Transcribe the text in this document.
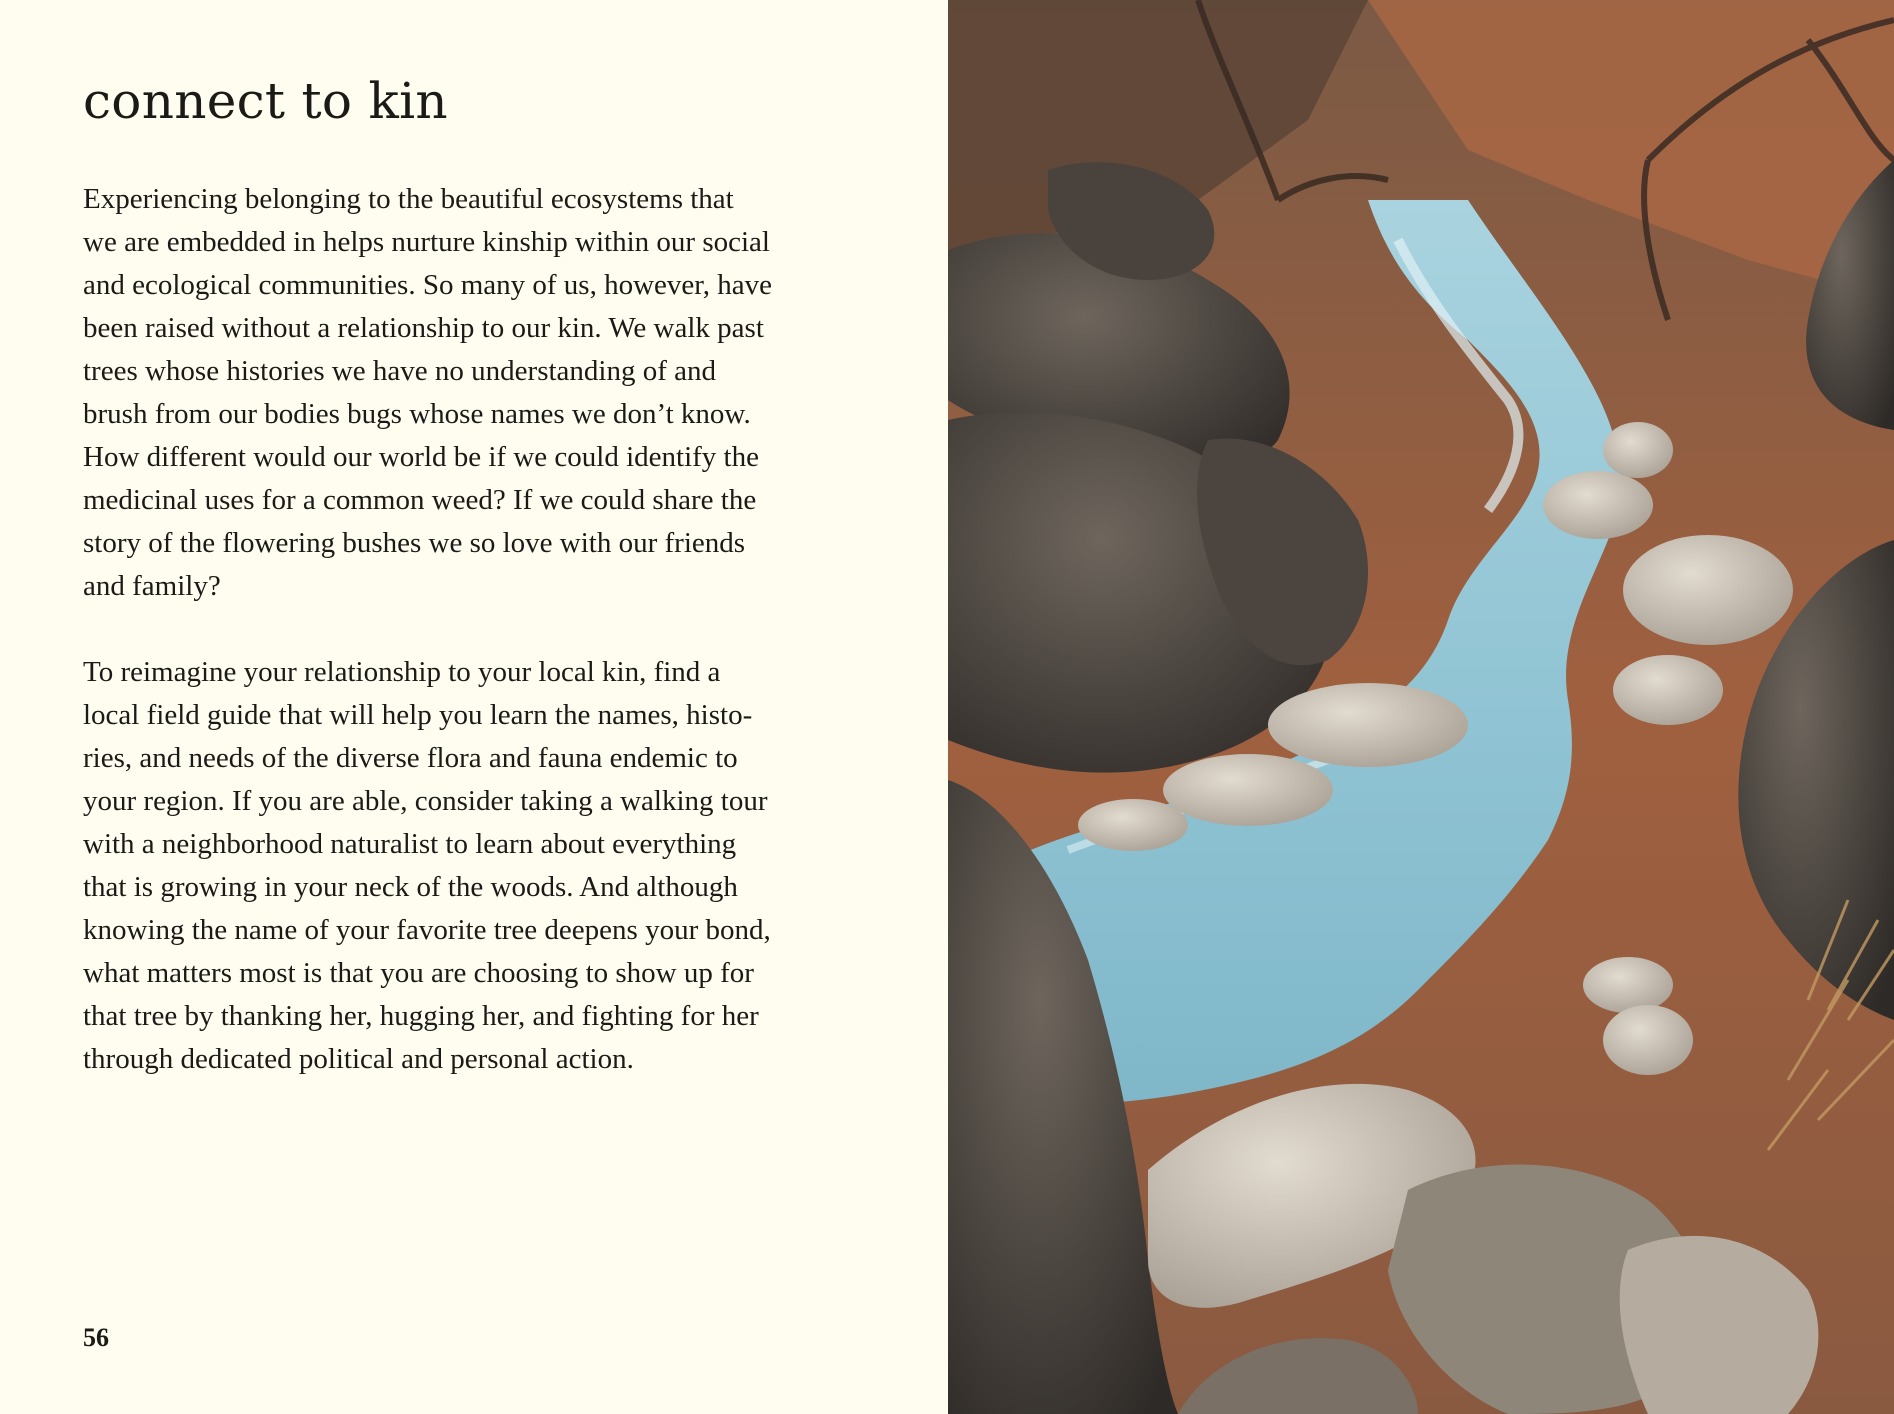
connect to kin

Experiencing belonging to the beautiful ecosystems that
we are embedded in helps nurture kinship within our social
and ecological communities. So many of us, however, have
been raised without a relationship to our kin. We walk past
trees whose histories we have no understanding of and
brush from our bodies bugs whose names we don’t know.
How different would our world be if we could identify the
medicinal uses for a common weed? If we could share the
story of the flowering bushes we so love with our friends
and family?

To reimagine your relationship to your local kin, find a
local field guide that will help you learn the names, histo-
ries, and needs of the diverse flora and fauna endemic to
your region. If you are able, consider taking a walking tour
with a neighborhood naturalist to learn about everything
that is growing in your neck of the woods. And although
knowing the name of your favorite tree deepens your bond,
what matters most is that you are choosing to show up for
that tree by thanking her, hugging her, and fighting for her
through dedicated political and personal action.

56
